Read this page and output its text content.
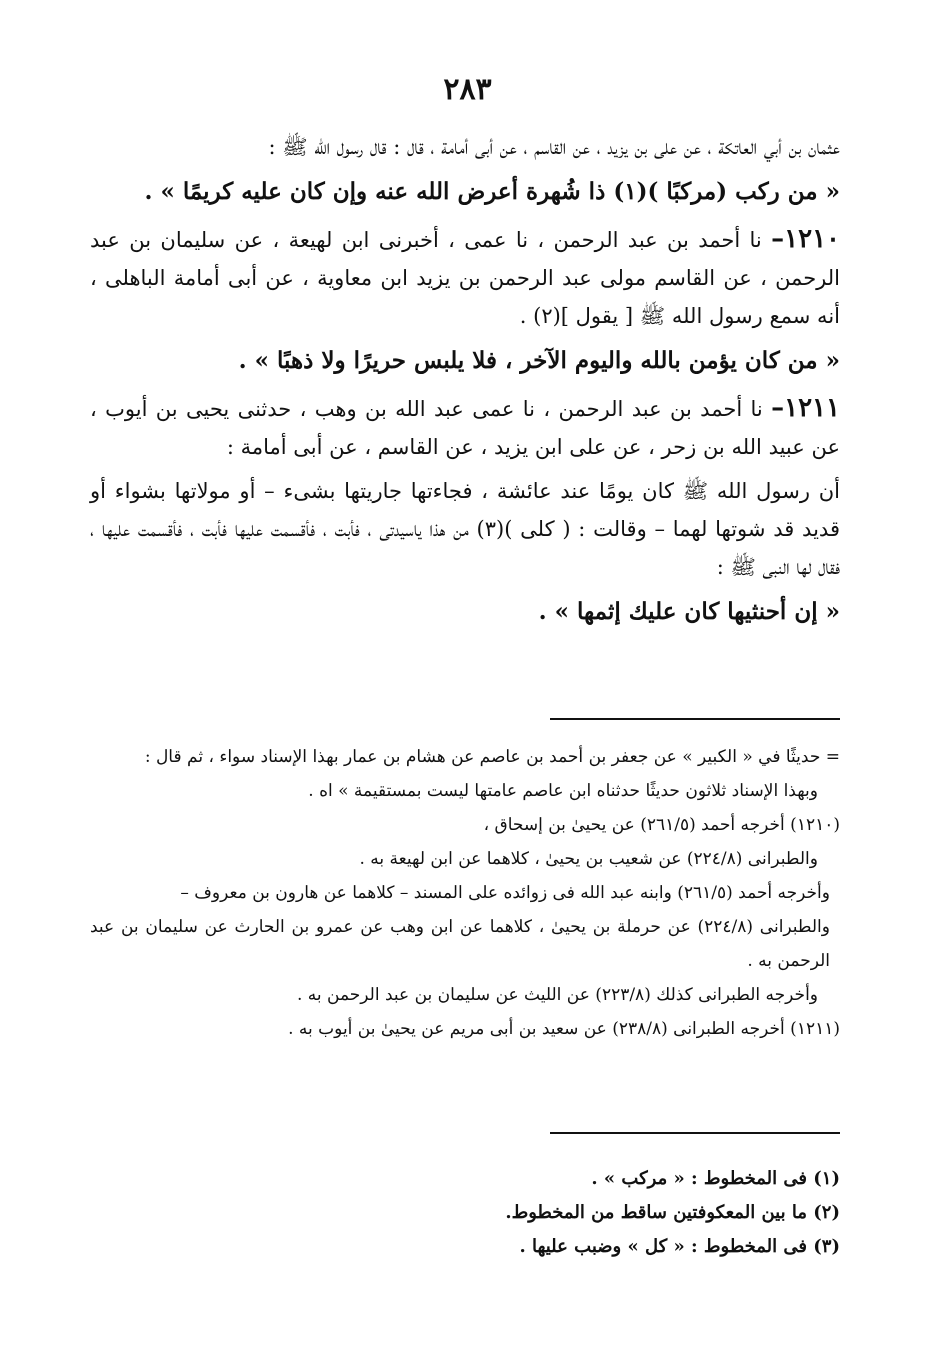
٢٨٣

عثمان بن أبي العاتكة ، عن على بن يزيد ، عن القاسم ، عن أبى أمامة ، قال : قال رسول الله ﷺ :

« من ركب (مركبًا )(١) ذا شُهرة أعرض الله عنه وإن كان عليه كريمًا » .

١٢١٠– نا أحمد بن عبد الرحمن ، نا عمى ، أخبرنى ابن لهيعة ، عن سليمان بن عبد الرحمن ، عن القاسم مولى عبد الرحمن بن يزيد ابن معاوية ، عن أبى أمامة الباهلى ، أنه سمع رسول الله ﷺ [ يقول ](٢) .

« من كان يؤمن بالله واليوم الآخر ، فلا يلبس حريرًا ولا ذهبًا » .

١٢١١– نا أحمد بن عبد الرحمن ، نا عمى عبد الله بن وهب ، حدثنى يحيى بن أيوب ، عن عبيد الله بن زحر ، عن على ابن يزيد ، عن القاسم ، عن أبى أمامة :

أن رسول الله ﷺ كان يومًا عند عائشة ، فجاءتها جاريتها بشىء – أو مولاتها بشواء أو قديد قد شوتها لهما – وقالت : ( كلى )(٣) من هذا ياسيدتى ، فأبت ، فأقسمت عليها فأبت ، فأقسمت عليها ، فقال لها النبى ﷺ :

« إن أحنثيها كان عليك إثمها » .

= حديثًا في « الكبير » عن جعفر بن أحمد بن عاصم عن هشام بن عمار بهذا الإسناد سواء ، ثم قال :

وبهذا الإسناد ثلاثون حديثًا حدثناه ابن عاصم عامتها ليست بمستقيمة » اه .

(١٢١٠) أخرجه أحمد (٢٦١/٥) عن يحيىٰ بن إسحاق ،

والطبرانى (٢٢٤/٨) عن شعيب بن يحيىٰ ، كلاهما عن ابن لهيعة به .

وأخرجه أحمد (٢٦١/٥) وابنه عبد الله فى زوائده على المسند – كلاهما عن هارون بن معروف –

والطبرانى (٢٢٤/٨) عن حرملة بن يحيىٰ ، كلاهما عن ابن وهب عن عمرو بن الحارث عن سليمان بن عبد الرحمن به .

وأخرجه الطبرانى كذلك (٢٢٣/٨) عن الليث عن سليمان بن عبد الرحمن به .

(١٢١١) أخرجه الطبرانى (٢٣٨/٨) عن سعيد بن أبى مريم عن يحيىٰ بن أيوب به .

(١) فى المخطوط : « مركب » .

(٢) ما بين المعكوفتين ساقط من المخطوط.

(٣) فى المخطوط : « كل » وضبب عليها .
